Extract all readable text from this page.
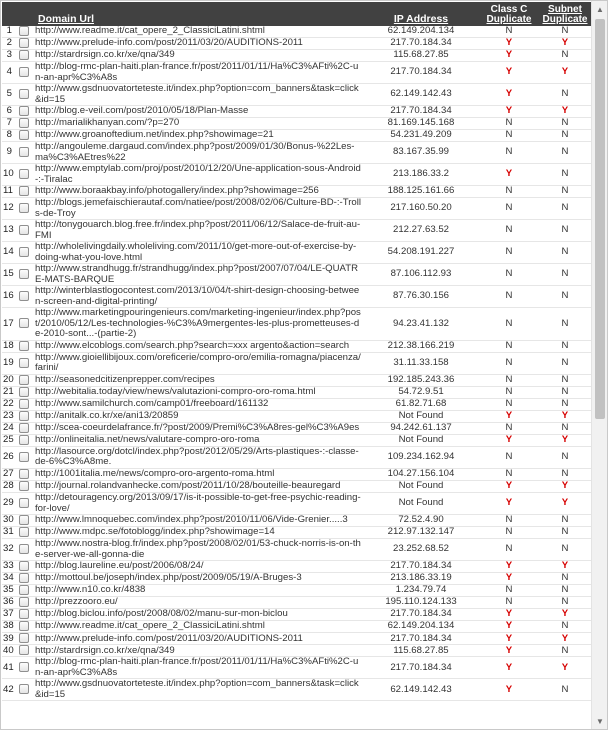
		Domain Url	IP Address	Class C
Duplicate	Subnet
Duplicate
1		http://www.readme.it/cat_opere_2_ClassiciLatini.shtml	62.149.204.134	N	N
2		http://www.prelude-info.com/post/2011/03/20/AUDITIONS-2011	217.70.184.34	Y	Y
3		http://stardrsign.co.kr/xe/qna/349	115.68.27.85	Y	N
4		http://blog-rmc-plan-haiti.plan-france.fr/post/2011/01/11/Ha%C3%AFti%2C-un-an-apr%C3%A8s	217.70.184.34	Y	Y
5		http://www.gsdnuovatorteteste.it/index.php?option=com_banners&task=click&id=15	62.149.142.43	Y	N
6		http://blog.e-veil.com/post/2010/05/18/Plan-Masse	217.70.184.34	Y	Y
7		http://marialikhanyan.com/?p=270	81.169.145.168	N	N
8		http://www.groanoftedium.net/index.php?showimage=21	54.231.49.209	N	N
9		http://angouleme.dargaud.com/index.php?post/2009/01/30/Bonus-%22Les-ma%C3%AEtres%22	83.167.35.99	N	N
10		http://www.emptylab.com/proj/post/2010/12/20/Une-application-sous-Android-:-Tiralac	213.186.33.2	Y	N
11		http://www.boraakbay.info/photogallery/index.php?showimage=256	188.125.161.66	N	N
12		http://blogs.jemefaischierautaf.com/natiee/post/2008/02/06/Culture-BD-:-Trolls-de-Troy	217.160.50.20	N	N
13		http://tonygouarch.blog.free.fr/index.php?post/2011/06/12/Salace-de-fruit-au-FMI	212.27.63.52	N	N
14		http://wholelivingdaily.wholeliving.com/2011/10/get-more-out-of-exercise-by-doing-what-you-love.html	54.208.191.227	N	N
15		http://www.strandhugg.fr/strandhugg/index.php?post/2007/07/04/LE-QUATRE-MATS-BARQUE	87.106.112.93	N	N
16		http://winterblastlogocontest.com/2013/10/04/t-shirt-design-choosing-between-screen-and-digital-printing/	87.76.30.156	N	N
17		http://www.marketingpouringenieurs.com/marketing-ingenieur/index.php?post/2010/05/12/Les-technologies-%C3%A9mergentes-les-plus-prometteuses-de-2010-sont...-(partie-2)	94.23.41.132	N	N
18		http://www.elcoblogs.com/search.php?search=xxx argento&action=search	212.38.166.219	N	N
19		http://www.gioiellibijoux.com/oreficerie/compro-oro/emilia-romagna/piacenza/farini/	31.11.33.158	N	N
20		http://seasonedcitizenprepper.com/recipes	192.185.243.36	N	N
21		http://webitalia.today/view/news/valutazioni-compro-oro-roma.html	54.72.9.51	N	N
22		http://www.samilchurch.com/camp01/freeboard/161132	61.82.71.68	N	N
23		http://anitalk.co.kr/xe/ani13/20859	Not Found	Y	Y
24		http://scea-coeurdelafrance.fr/?post/2009/Premi%C3%A8res-gel%C3%A9es	94.242.61.137	N	N
25		http://onlineitalia.net/news/valutare-compro-oro-roma	Not Found	Y	Y
26		http://lasource.org/dotcl/index.php?post/2012/05/29/Arts-plastiques-:-classe-de-6%C3%A8me.	109.234.162.94	N	N
27		http://1001italia.me/news/compro-oro-argento-roma.html	104.27.156.104	N	N
28		http://journal.rolandvanhecke.com/post/2011/10/28/bouteille-beauregard	Not Found	Y	Y
29		http://detouragency.org/2013/09/17/is-it-possible-to-get-free-psychic-reading-for-love/	Not Found	Y	Y
30		http://www.lmnoquebec.com/index.php?post/2010/11/06/Vide-Grenier.....3	72.52.4.90	N	N
31		http://www.mdpc.se/fotoblogg/index.php?showimage=14	212.97.132.147	N	N
32		http://www.nostra-blog.fr/index.php?post/2008/02/01/53-chuck-norris-is-on-the-server-we-all-gonna-die	23.252.68.52	N	N
33		http://blog.laureline.eu/post/2006/08/24/	217.70.184.34	Y	Y
34		http://mottoul.be/joseph/index.php/post/2009/05/19/A-Bruges-3	213.186.33.19	Y	N
35		http://www.n10.co.kr/4838	1.234.79.74	N	N
36		http://prezzooro.eu/	195.110.124.133	N	N
37		http://blog.biclou.info/post/2008/08/02/manu-sur-mon-biclou	217.70.184.34	Y	Y
38		http://www.readme.it/cat_opere_2_ClassiciLatini.shtml	62.149.204.134	Y	N
39		http://www.prelude-info.com/post/2011/03/20/AUDITIONS-2011	217.70.184.34	Y	Y
40		http://stardrsign.co.kr/xe/qna/349	115.68.27.85	Y	N
41		http://blog-rmc-plan-haiti.plan-france.fr/post/2011/01/11/Ha%C3%AFti%2C-un-an-apr%C3%A8s	217.70.184.34	Y	Y
42		http://www.gsdnuovatorteteste.it/index.php?option=com_banners&task=click&id=15	62.149.142.43	Y	N
▲
▼
